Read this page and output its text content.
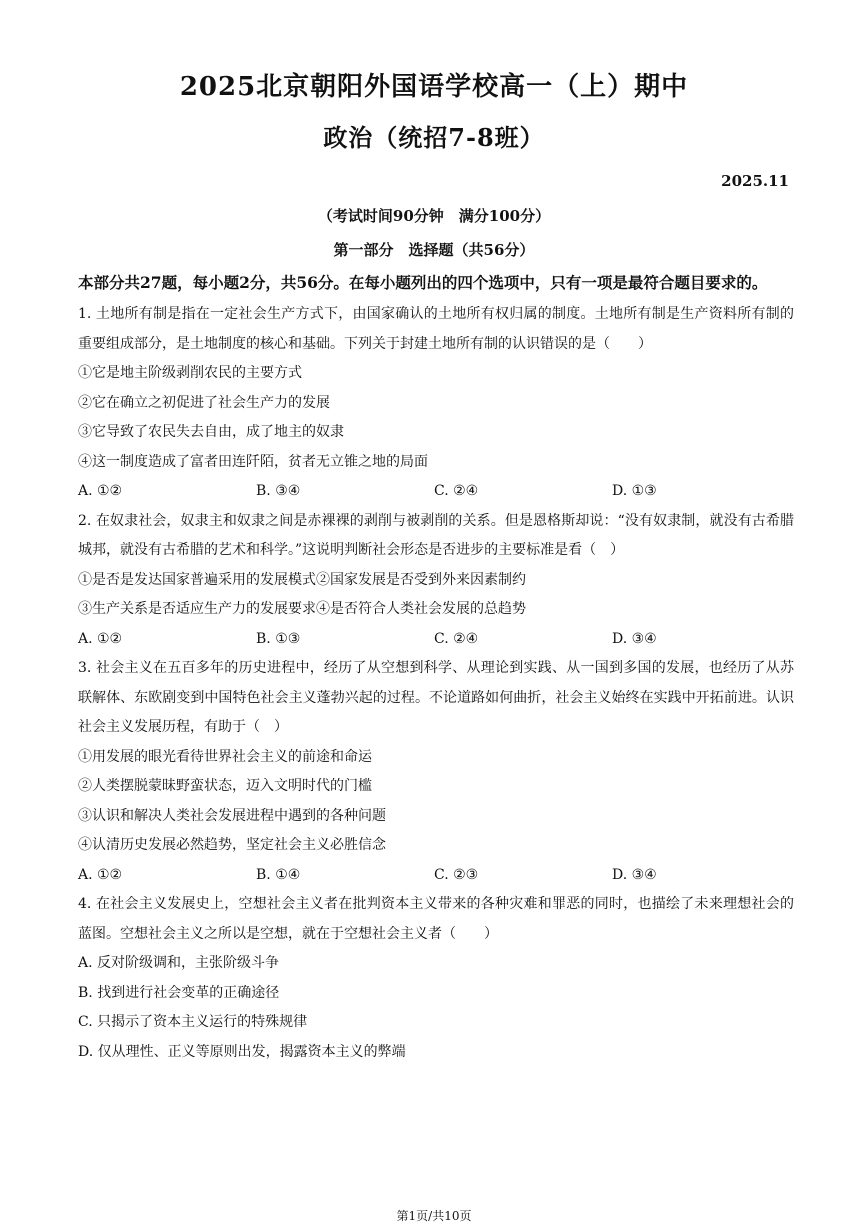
2025北京朝阳外国语学校高一（上）期中
政治（统招7-8班）
2025.11
（考试时间90分钟　满分100分）
第一部分　选择题（共56分）
本部分共27题，每小题2分，共56分。在每小题列出的四个选项中，只有一项是最符合题目要求的。
1. 土地所有制是指在一定社会生产方式下，由国家确认的土地所有权归属的制度。土地所有制是生产资料所有制的重要组成部分，是土地制度的核心和基础。下列关于封建土地所有制的认识错误的是（　　）
①它是地主阶级剥削农民的主要方式
②它在确立之初促进了社会生产力的发展
③它导致了农民失去自由，成了地主的奴隶
④这一制度造成了富者田连阡陌，贫者无立锥之地的局面
A. ①②	B. ③④	C. ②④	D. ①③
2. 在奴隶社会，奴隶主和奴隶之间是赤裸裸的剥削与被剥削的关系。但是恩格斯却说：“没有奴隶制，就没有古希腊城邦，就没有古希腊的艺术和科学。”这说明判断社会形态是否进步的主要标准是看（　）
①是否是发达国家普遍采用的发展模式②国家发展是否受到外来因素制约
③生产关系是否适应生产力的发展要求④是否符合人类社会发展的总趋势
A. ①②	B. ①③	C. ②④	D. ③④
3. 社会主义在五百多年的历史进程中，经历了从空想到科学、从理论到实践、从一国到多国的发展，也经历了从苏联解体、东欧剧变到中国特色社会主义蓬勃兴起的过程。不论道路如何曲折，社会主义始终在实践中开拓前进。认识社会主义发展历程，有助于（　）
①用发展的眼光看待世界社会主义的前途和命运
②人类摆脱蒙昧野蛮状态，迈入文明时代的门槛
③认识和解决人类社会发展进程中遇到的各种问题
④认清历史发展必然趋势，坚定社会主义必胜信念
A. ①②	B. ①④	C. ②③	D. ③④
4. 在社会主义发展史上，空想社会主义者在批判资本主义带来的各种灾难和罪恶的同时，也描绘了未来理想社会的蓝图。空想社会主义之所以是空想，就在于空想社会主义者（　　）
A. 反对阶级调和，主张阶级斗争
B. 找到进行社会变革的正确途径
C. 只揭示了资本主义运行的特殊规律
D. 仅从理性、正义等原则出发，揭露资本主义的弊端
第1页/共10页
